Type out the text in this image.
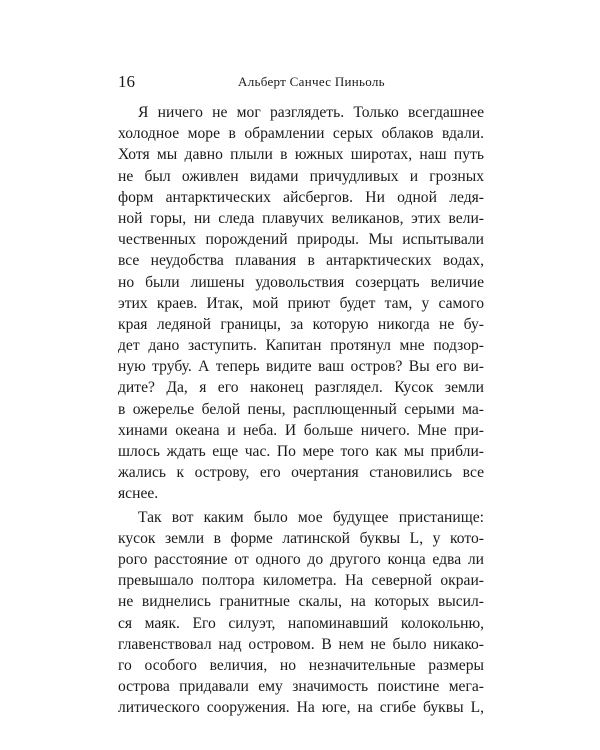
16	Альберт Санчес Пиньоль
Я ничего не мог разглядеть. Только всегдашнее
холодное море в обрамлении серых облаков вдали.
Хотя мы давно плыли в южных широтах, наш путь
не был оживлен видами причудливых и грозных
форм антарктических айсбергов. Ни одной ледя-
ной горы, ни следа плавучих великанов, этих вели-
чественных порождений природы. Мы испытывали
все неудобства плавания в антарктических водах,
но были лишены удовольствия созерцать величие
этих краев. Итак, мой приют будет там, у самого
края ледяной границы, за которую никогда не бу-
дет дано заступить. Капитан протянул мне подзор-
ную трубу. А теперь видите ваш остров? Вы его ви-
дите? Да, я его наконец разглядел. Кусок земли
в ожерелье белой пены, расплющенный серыми ма-
хинами океана и неба. И больше ничего. Мне при-
шлось ждать еще час. По мере того как мы прибли-
жались к острову, его очертания становились все
яснее.
Так вот каким было мое будущее пристанище:
кусок земли в форме латинской буквы L, у кото-
рого расстояние от одного до другого конца едва ли
превышало полтора километра. На северной окраи-
не виднелись гранитные скалы, на которых высил-
ся маяк. Его силуэт, напоминавший колокольню,
главенствовал над островом. В нем не было никако-
го особого величия, но незначительные размеры
острова придавали ему значимость поистине мега-
литического сооружения. На юге, на сгибе буквы L,
